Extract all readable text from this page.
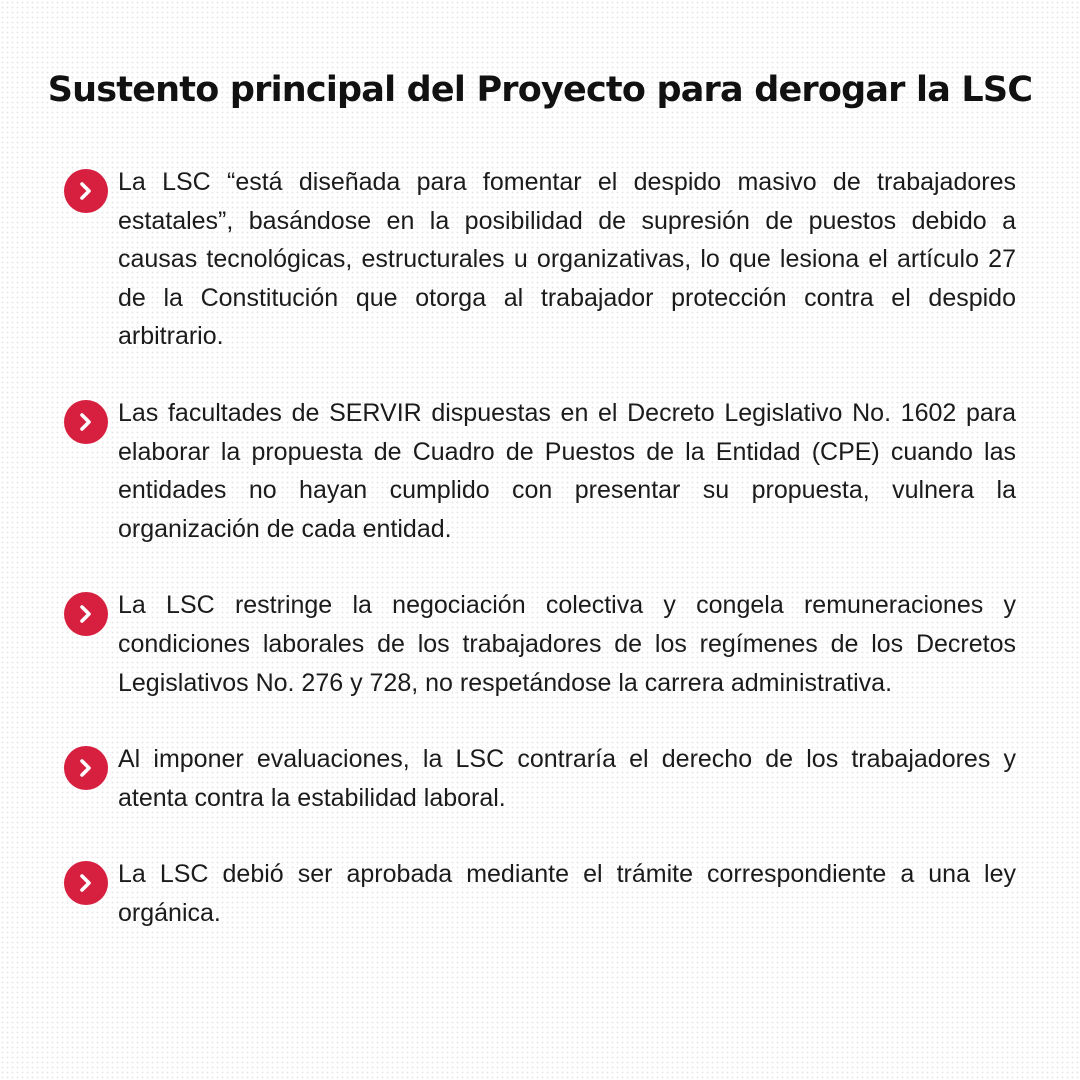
Sustento principal del Proyecto para derogar la LSC
La LSC “está diseñada para fomentar el despido masivo de trabajadores estatales”, basándose en la posibilidad de supresión de puestos debido a causas tecnológicas, estructurales u organizativas, lo que lesiona el artículo 27 de la Constitución que otorga al trabajador protección contra el despido arbitrario.
Las facultades de SERVIR dispuestas en el Decreto Legislativo No. 1602 para elaborar la propuesta de Cuadro de Puestos de la Entidad (CPE) cuando las entidades no hayan cumplido con presentar su propuesta, vulnera la organización de cada entidad.
La LSC restringe la negociación colectiva y congela remuneraciones y condiciones laborales de los trabajadores de los regímenes de los Decretos Legislativos No. 276 y 728, no respetándose la carrera administrativa.
Al imponer evaluaciones, la LSC contraría el derecho de los trabajadores y atenta contra la estabilidad laboral.
La LSC debió ser aprobada mediante el trámite correspondiente a una ley orgánica.
